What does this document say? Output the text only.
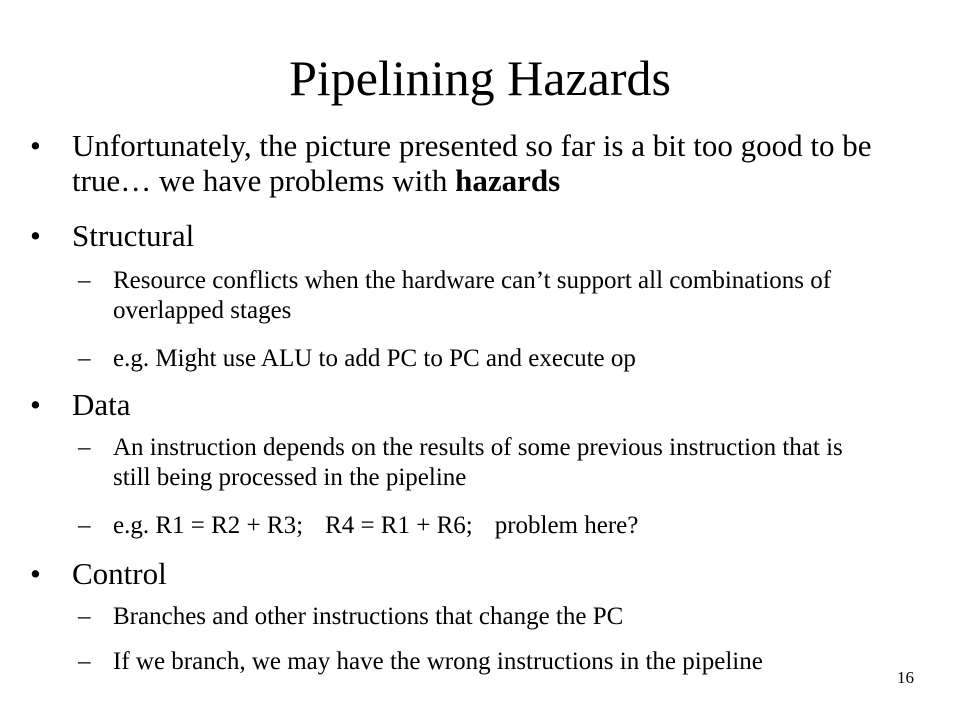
Pipelining Hazards
• Unfortunately, the picture presented so far is a bit too good to be true… we have problems with hazards
• Structural
– Resource conflicts when the hardware can’t support all combinations of overlapped stages
– e.g. Might use ALU to add PC to PC and execute op
• Data
– An instruction depends on the results of some previous instruction that is still being processed in the pipeline
– e.g. R1 = R2 + R3; R4 = R1 + R6; problem here?
• Control
– Branches and other instructions that change the PC
– If we branch, we may have the wrong instructions in the pipeline
16
